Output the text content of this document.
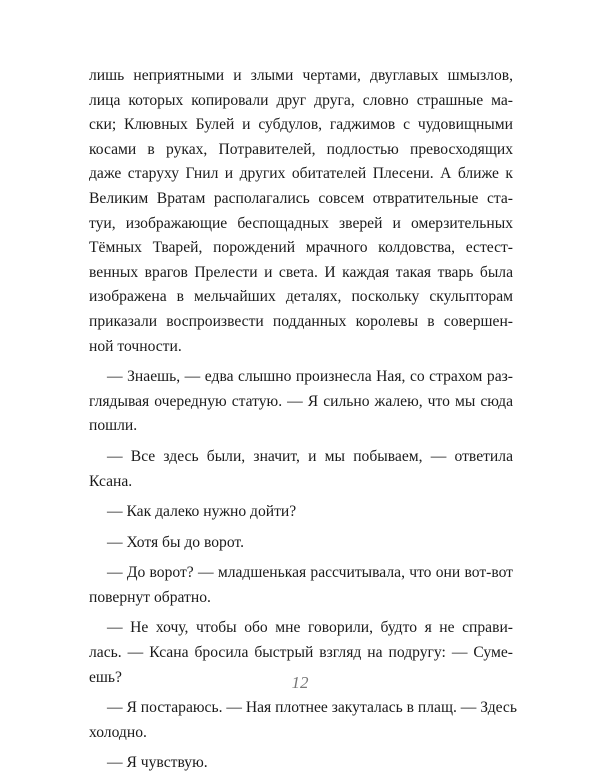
лишь неприятными и злыми чертами, двуглавых шмызлов,
лица которых копировали друг друга, словно страшные ма-
ски; Клювных Булей и субдулов, гаджимов с чудовищными
косами в руках, Потравителей, подлостью превосходящих
даже старуху Гнил и других обитателей Плесени. А ближе к
Великим Вратам располагались совсем отвратительные ста-
туи, изображающие беспощадных зверей и омерзительных
Тёмных Тварей, порождений мрачного колдовства, естест-
венных врагов Прелести и света. И каждая такая тварь была
изображена в мельчайших деталях, поскольку скульпторам
приказали воспроизвести подданных королевы в совершен-
ной точности.
— Знаешь, — едва слышно произнесла Ная, со страхом раз-
глядывая очередную статую. — Я сильно жалею, что мы сюда
пошли.
— Все здесь были, значит, и мы побываем, — ответила
Ксана.
— Как далеко нужно дойти?
— Хотя бы до ворот.
— До ворот? — младшенькая рассчитывала, что они вот-вот
повернут обратно.
— Не хочу, чтобы обо мне говорили, будто я не справи-
лась. — Ксана бросила быстрый взгляд на подругу: — Суме-
ешь?
— Я постараюсь. — Ная плотнее закуталась в плащ. — Здесь
холодно.
— Я чувствую.
12
